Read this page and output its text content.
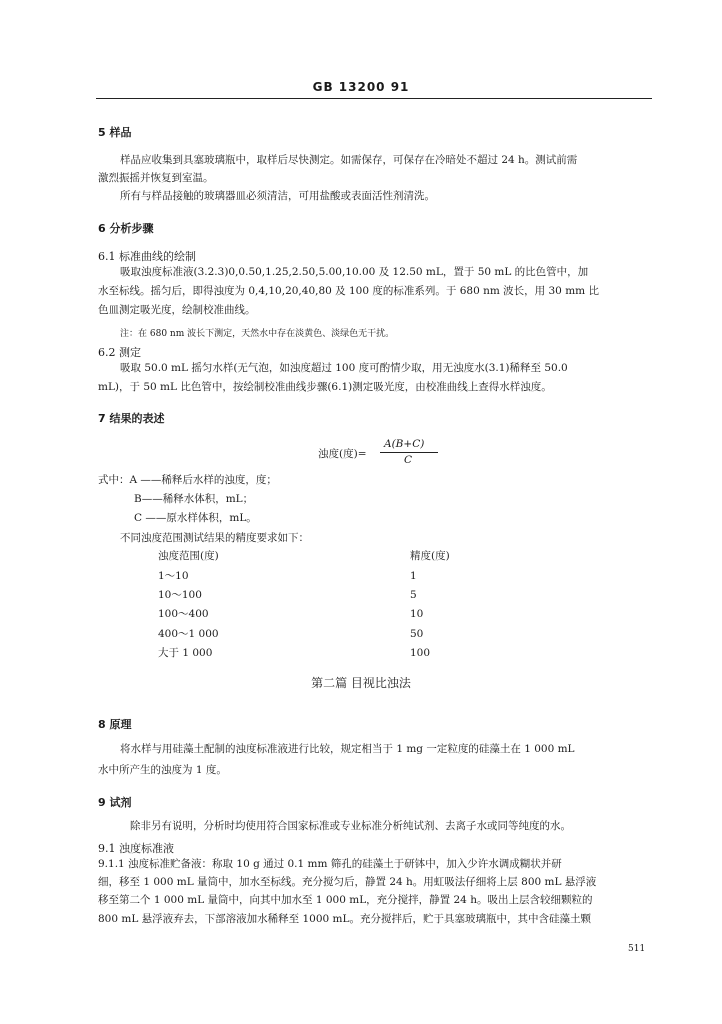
GB 13200 91
5 样品
样品应收集到具塞玻璃瓶中，取样后尽快测定。如需保存，可保存在冷暗处不超过 24 h。测试前需
激烈振摇并恢复到室温。
所有与样品接触的玻璃器皿必须清洁，可用盐酸或表面活性剂清洗。
6 分析步骤
6.1 标准曲线的绘制
吸取浊度标准液(3.2.3)0,0.50,1.25,2.50,5.00,10.00 及 12.50 mL，置于 50 mL 的比色管中，加
水至标线。摇匀后，即得浊度为 0,4,10,20,40,80 及 100 度的标准系列。于 680 nm 波长，用 30 mm 比
色皿测定吸光度，绘制校准曲线。
注：在 680 nm 波长下测定，天然水中存在淡黄色、淡绿色无干扰。
6.2 测定
吸取 50.0 mL 摇匀水样(无气泡，如浊度超过 100 度可酌情少取，用无浊度水(3.1)稀释至 50.0
mL)，于 50 mL 比色管中，按绘制校准曲线步骤(6.1)测定吸光度，由校准曲线上查得水样浊度。
7 结果的表述
浊度(度)=
A(B+C)
C
式中：A ——稀释后水样的浊度，度；
B——稀释水体积，mL；
C ——原水样体积，mL。
不同浊度范围测试结果的精度要求如下：
浊度范围(度)	精度(度)
1～10	1
10～100	5
100～400	10
400～1 000	50
大于 1 000	100
第二篇 目视比浊法
8 原理
将水样与用硅藻土配制的浊度标准液进行比较，规定相当于 1 mg 一定粒度的硅藻土在 1 000 mL
水中所产生的浊度为 1 度。
9 试剂
除非另有说明，分析时均使用符合国家标准或专业标准分析纯试剂、去离子水或同等纯度的水。
9.1 浊度标准液
9.1.1 浊度标准贮备液：称取 10 g 通过 0.1 mm 筛孔的硅藻土于研钵中，加入少许水调成糊状并研
细，移至 1 000 mL 量筒中，加水至标线。充分搅匀后，静置 24 h。用虹吸法仔细将上层 800 mL 悬浮液
移至第二个 1 000 mL 量筒中，向其中加水至 1 000 mL，充分搅拌，静置 24 h。吸出上层含较细颗粒的
800 mL 悬浮液弃去，下部溶液加水稀释至 1000 mL。充分搅拌后，贮于具塞玻璃瓶中，其中含硅藻土颗
511
